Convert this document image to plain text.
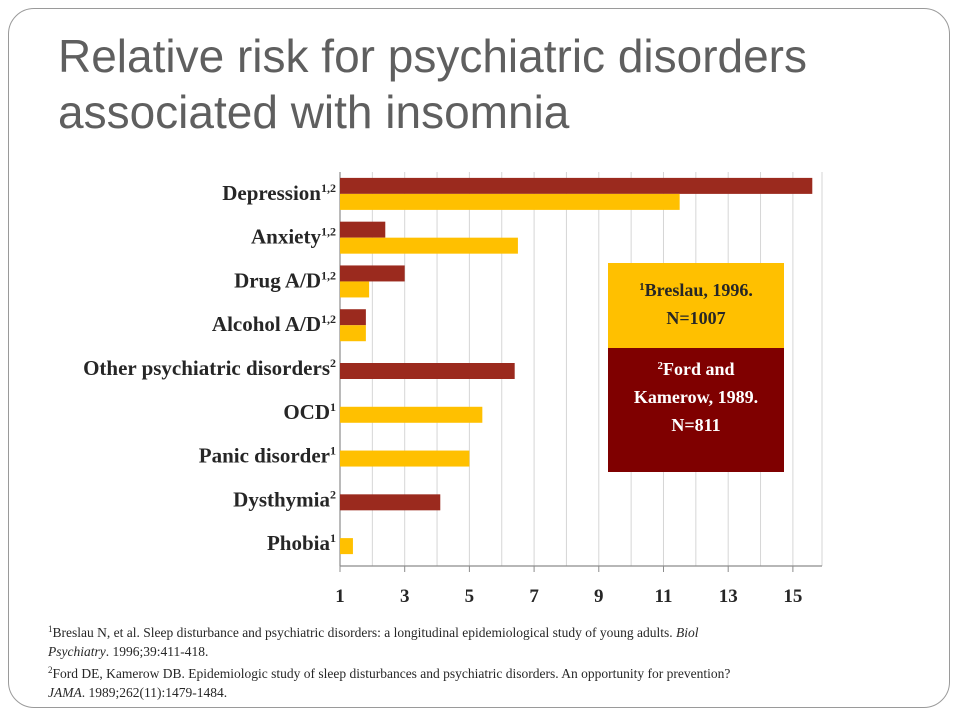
Relative risk for psychiatric disorders associated with insomnia
Depression$^{1,2}$
Anxiety$^{1,2}$
Drug $A/D^{1,2}$
Alcohol $A/D^{1,2}$
Other psychiatric disorders$^2$
OCD$^1$
Panic disorder$^1$
Dysthymia$^2$
Phobia$^1$
1	3	5	7	9	11 13 15
$^1$Breslau, 1996.
N=1007
$^2$Ford and
Kamerow, 1989.
N=811

$^1$Breslau N, et al. Sleep disturbance and psychiatric disorders: a longitudinal epidemiological study of young adults. Biol Psychiatry. 1996;39:411-418.

$^2$Ford DE, Kamerow DB. Epidemiologic study of sleep disturbances and psychiatric disorders. An opportunity for prevention? JAMA. 1989;262(11):1479-1484.
